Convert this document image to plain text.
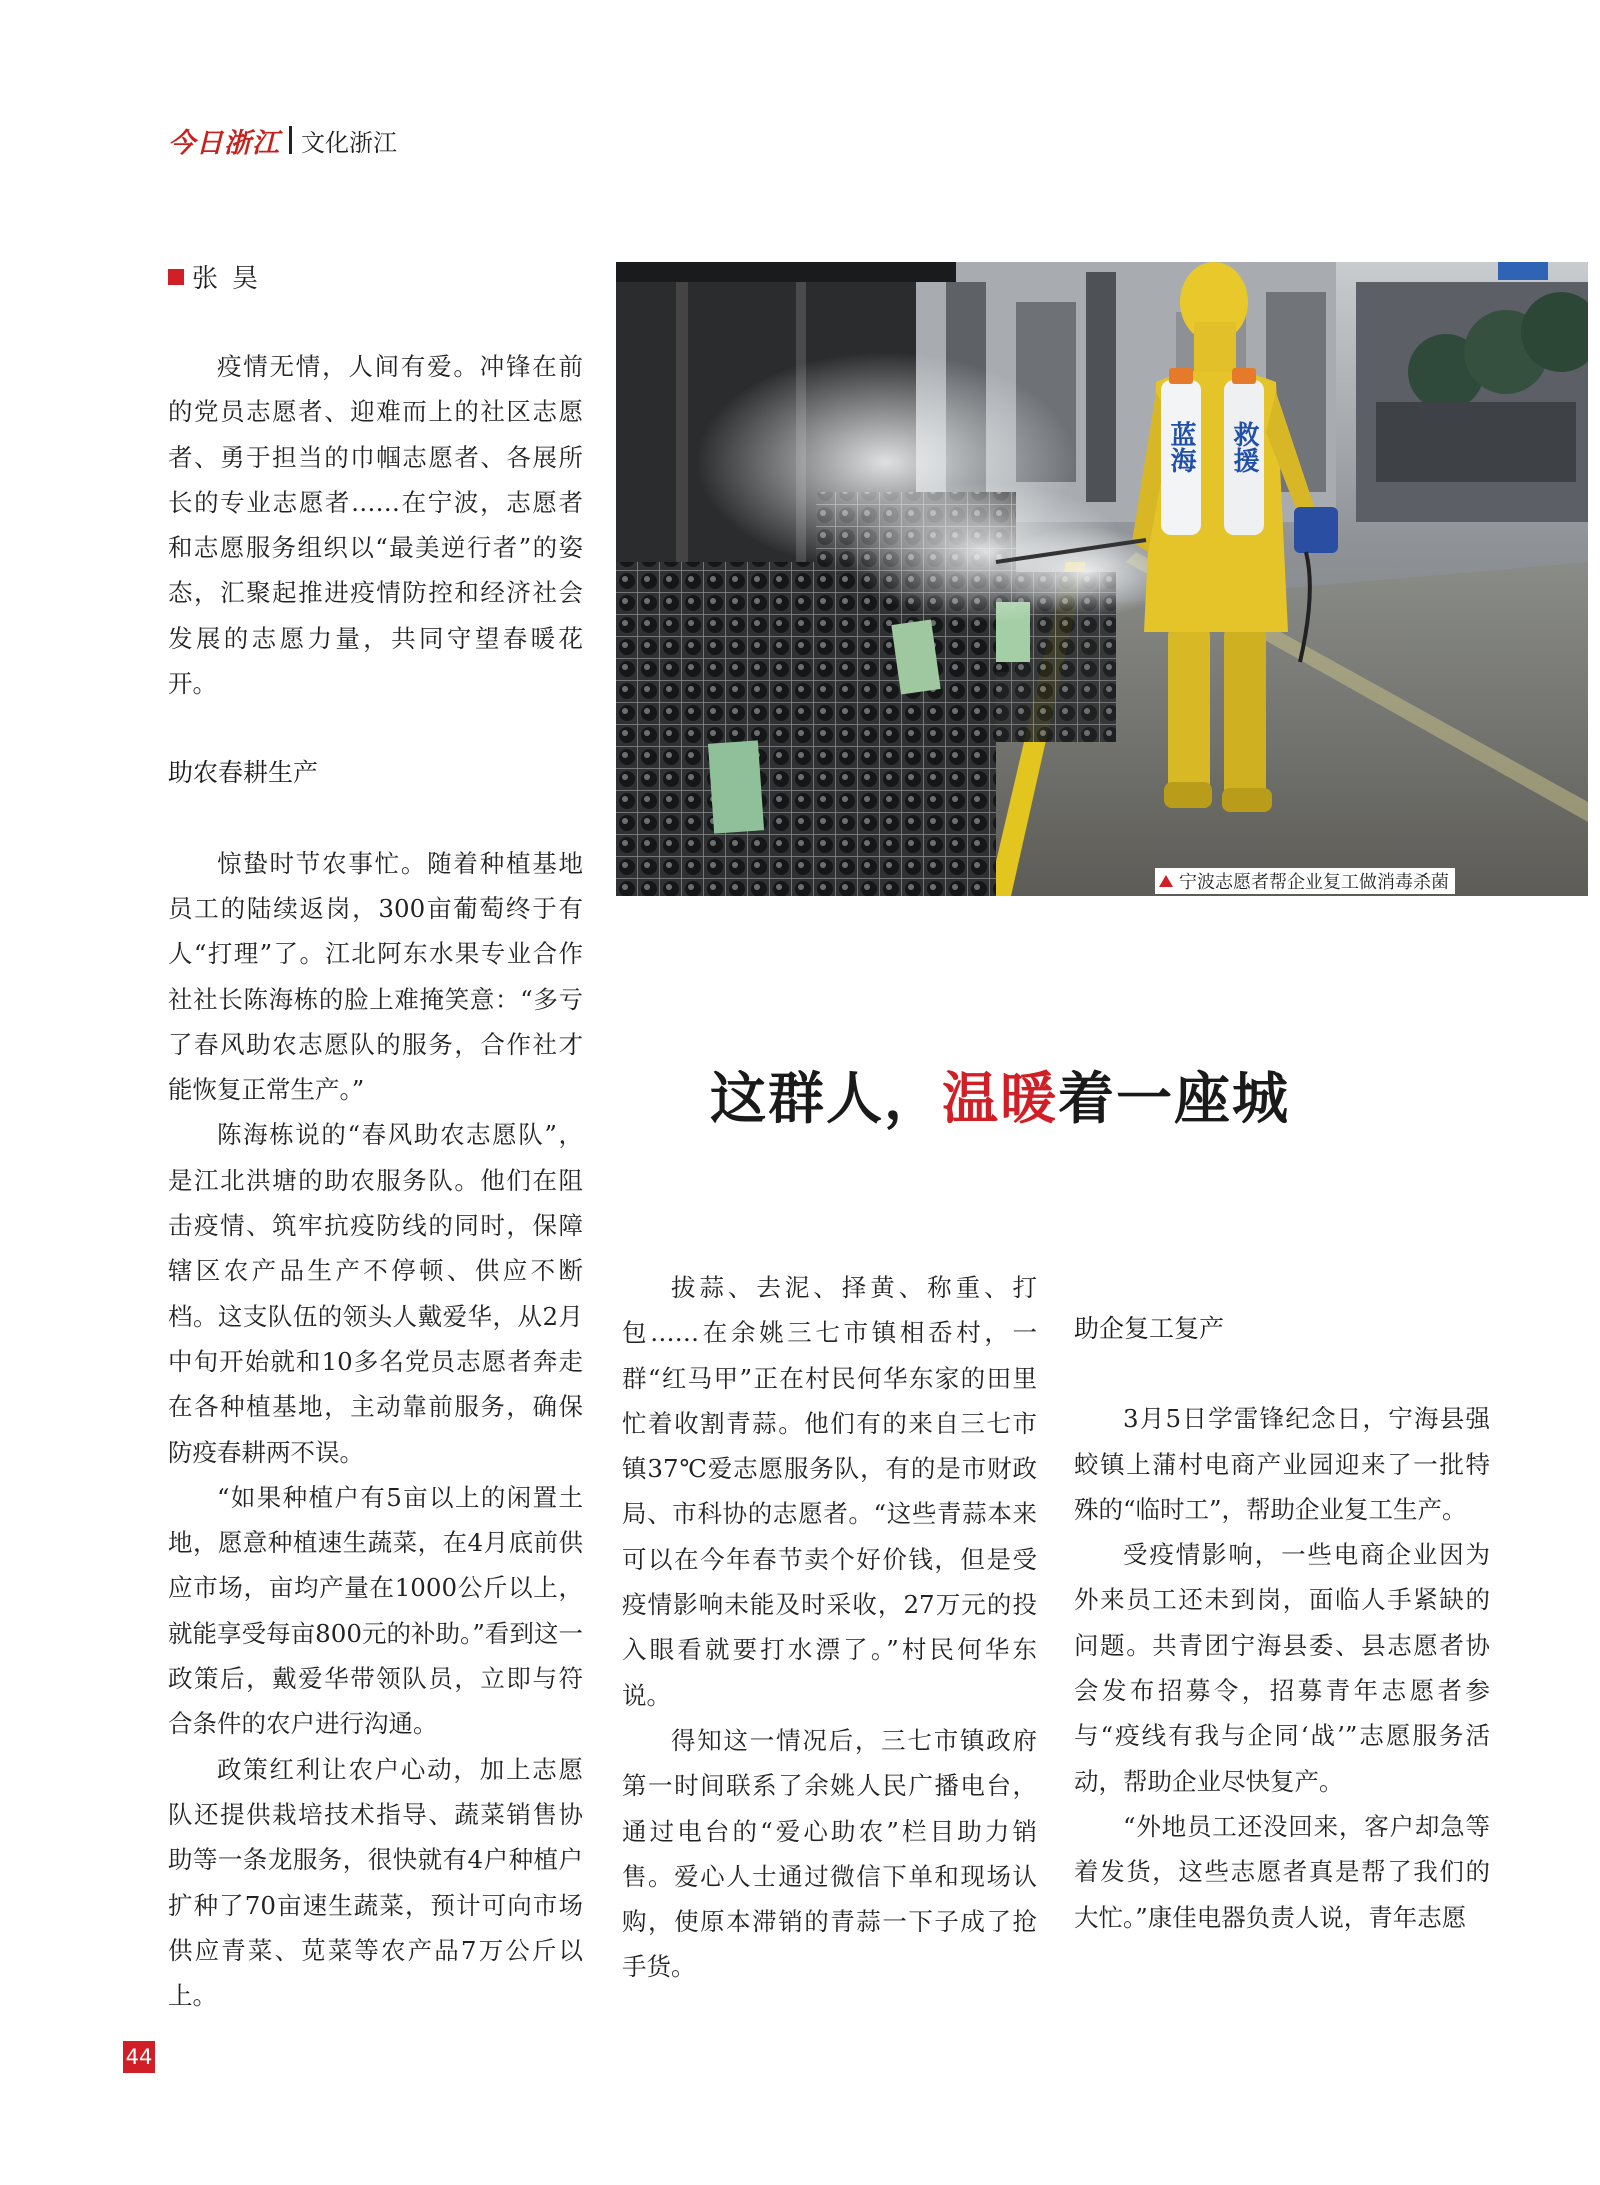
今日浙江 文化浙江
张昊

疫情无情，人间有爱。冲锋在前的党员志愿者、迎难而上的社区志愿者、勇于担当的巾帼志愿者、各展所长的专业志愿者……在宁波，志愿者和志愿服务组织以“最美逆行者”的姿态，汇聚起推进疫情防控和经济社会发展的志愿力量，共同守望春暖花开。

助农春耕生产

惊蛰时节农事忙。随着种植基地员工的陆续返岗，300亩葡萄终于有人“打理”了。江北阿东水果专业合作社社长陈海栋的脸上难掩笑意：“多亏了春风助农志愿队的服务，合作社才能恢复正常生产。”

陈海栋说的“春风助农志愿队”，是江北洪塘的助农服务队。他们在阻击疫情、筑牢抗疫防线的同时，保障辖区农产品生产不停顿、供应不断档。这支队伍的领头人戴爱华，从2月中旬开始就和10多名党员志愿者奔走在各种植基地，主动靠前服务，确保防疫春耕两不误。

“如果种植户有5亩以上的闲置土地，愿意种植速生蔬菜，在4月底前供应市场，亩均产量在1000公斤以上，就能享受每亩800元的补助。”看到这一政策后，戴爱华带领队员，立即与符合条件的农户进行沟通。

政策红利让农户心动，加上志愿队还提供栽培技术指导、蔬菜销售协助等一条龙服务，很快就有4户种植户扩种了70亩速生蔬菜，预计可向市场供应青菜、苋菜等农产品7万公斤以上。

蓝海 救援
宁波志愿者帮企业复工做消毒杀菌
这群人，温暖着一座城

拔蒜、去泥、择黄、称重、打包……在余姚三七市镇相岙村，一群“红马甲”正在村民何华东家的田里忙着收割青蒜。他们有的来自三七市镇37℃爱志愿服务队，有的是市财政局、市科协的志愿者。“这些青蒜本来可以在今年春节卖个好价钱，但是受疫情影响未能及时采收，27万元的投入眼看就要打水漂了。”村民何华东说。

得知这一情况后，三七市镇政府第一时间联系了余姚人民广播电台，通过电台的“爱心助农”栏目助力销售。爱心人士通过微信下单和现场认购，使原本滞销的青蒜一下子成了抢手货。

助企复工复产

3月5日学雷锋纪念日，宁海县强蛟镇上蒲村电商产业园迎来了一批特殊的“临时工”，帮助企业复工生产。

受疫情影响，一些电商企业因为外来员工还未到岗，面临人手紧缺的问题。共青团宁海县委、县志愿者协会发布招募令，招募青年志愿者参与“疫线有我与企同‘战’”志愿服务活动，帮助企业尽快复产。

“外地员工还没回来，客户却急等着发货，这些志愿者真是帮了我们的大忙。”康佳电器负责人说，青年志愿

44
